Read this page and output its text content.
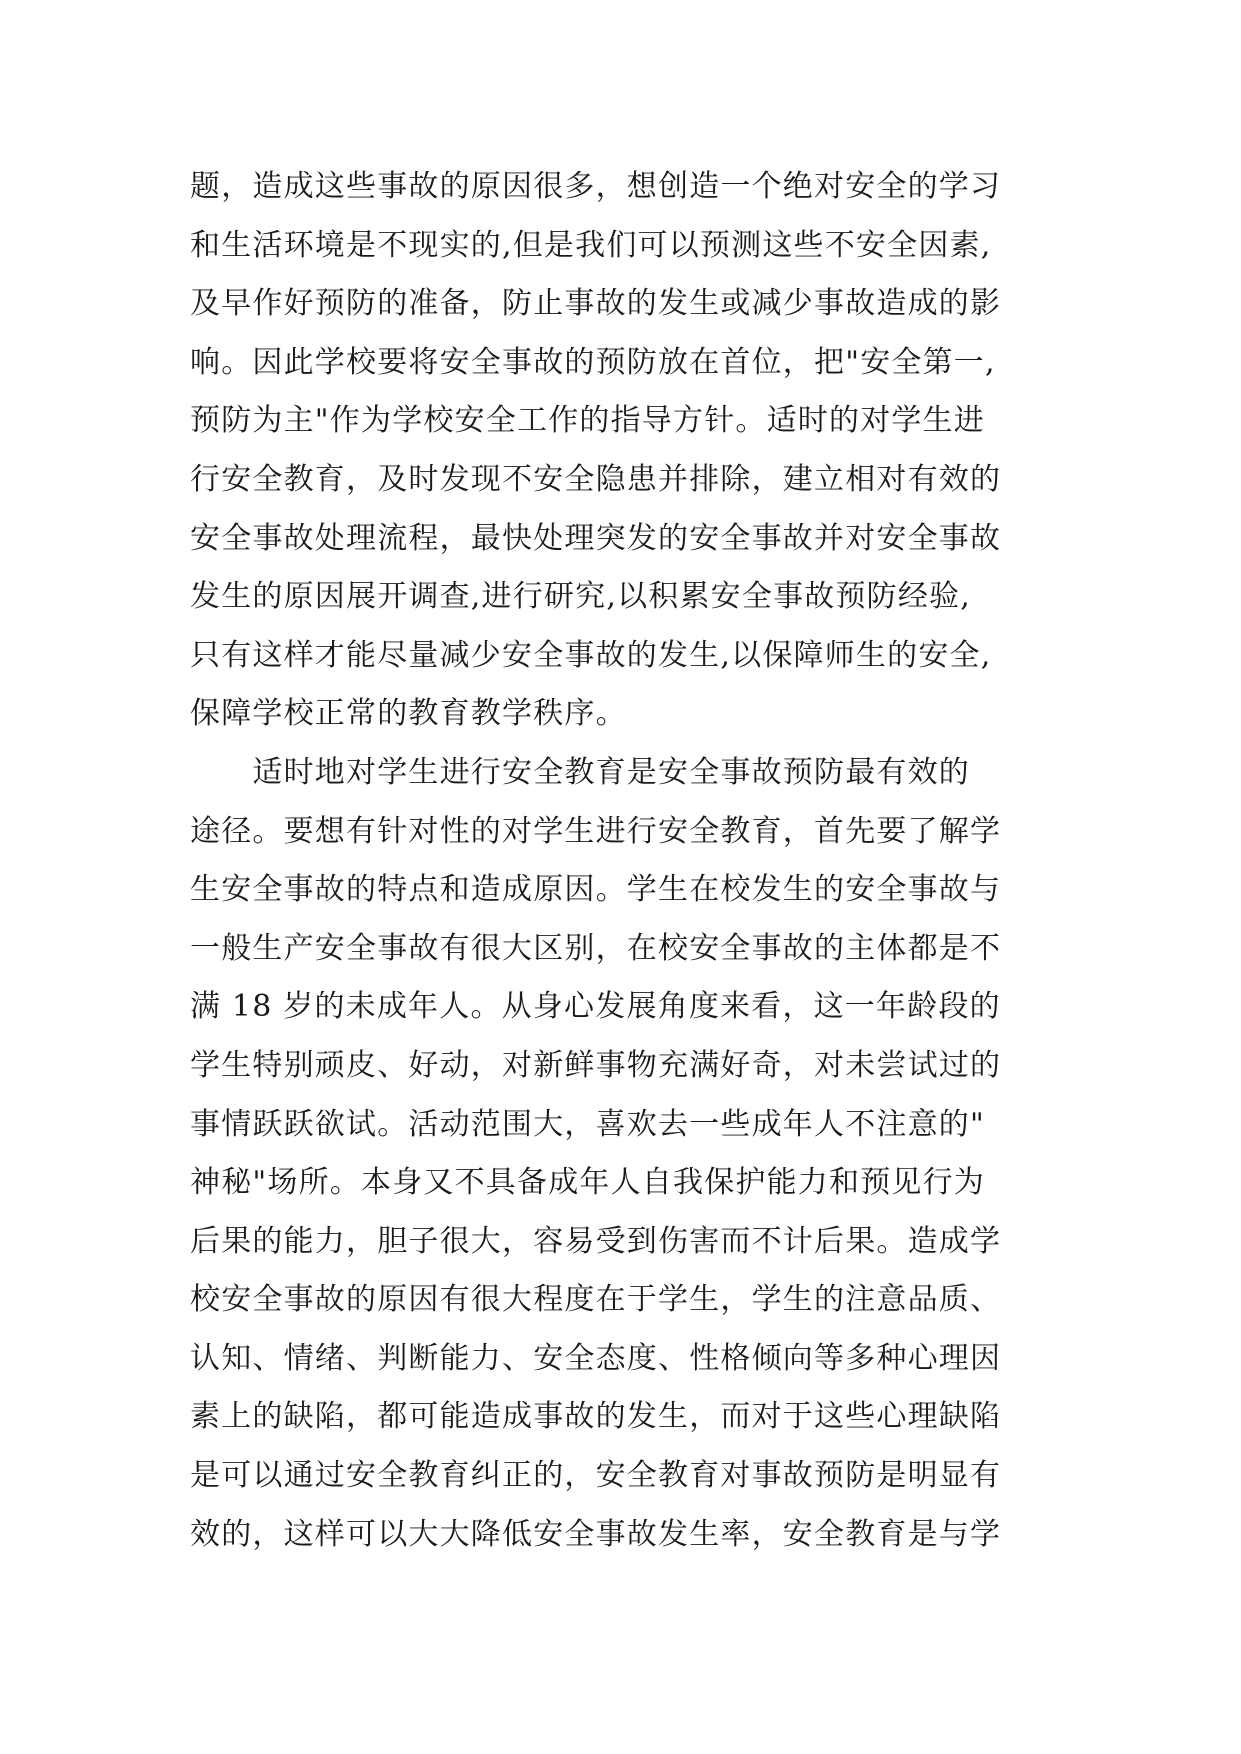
题，造成这些事故的原因很多，想创造一个绝对安全的学习
和生活环境是不现实的,但是我们可以预测这些不安全因素,
及早作好预防的准备，防止事故的发生或减少事故造成的影
响。因此学校要将安全事故的预防放在首位，把"安全第一,
预防为主"作为学校安全工作的指导方针。适时的对学生进
行安全教育，及时发现不安全隐患并排除，建立相对有效的
安全事故处理流程，最快处理突发的安全事故并对安全事故
发生的原因展开调查,进行研究,以积累安全事故预防经验,
只有这样才能尽量减少安全事故的发生,以保障师生的安全,
保障学校正常的教育教学秩序。
　　适时地对学生进行安全教育是安全事故预防最有效的
途径。要想有针对性的对学生进行安全教育，首先要了解学
生安全事故的特点和造成原因。学生在校发生的安全事故与
一般生产安全事故有很大区别，在校安全事故的主体都是不
满 18 岁的未成年人。从身心发展角度来看，这一年龄段的
学生特别顽皮、好动，对新鲜事物充满好奇，对未尝试过的
事情跃跃欲试。活动范围大，喜欢去一些成年人不注意的"
神秘"场所。本身又不具备成年人自我保护能力和预见行为
后果的能力，胆子很大，容易受到伤害而不计后果。造成学
校安全事故的原因有很大程度在于学生，学生的注意品质、
认知、情绪、判断能力、安全态度、性格倾向等多种心理因
素上的缺陷，都可能造成事故的发生，而对于这些心理缺陷
是可以通过安全教育纠正的，安全教育对事故预防是明显有
效的，这样可以大大降低安全事故发生率，安全教育是与学
